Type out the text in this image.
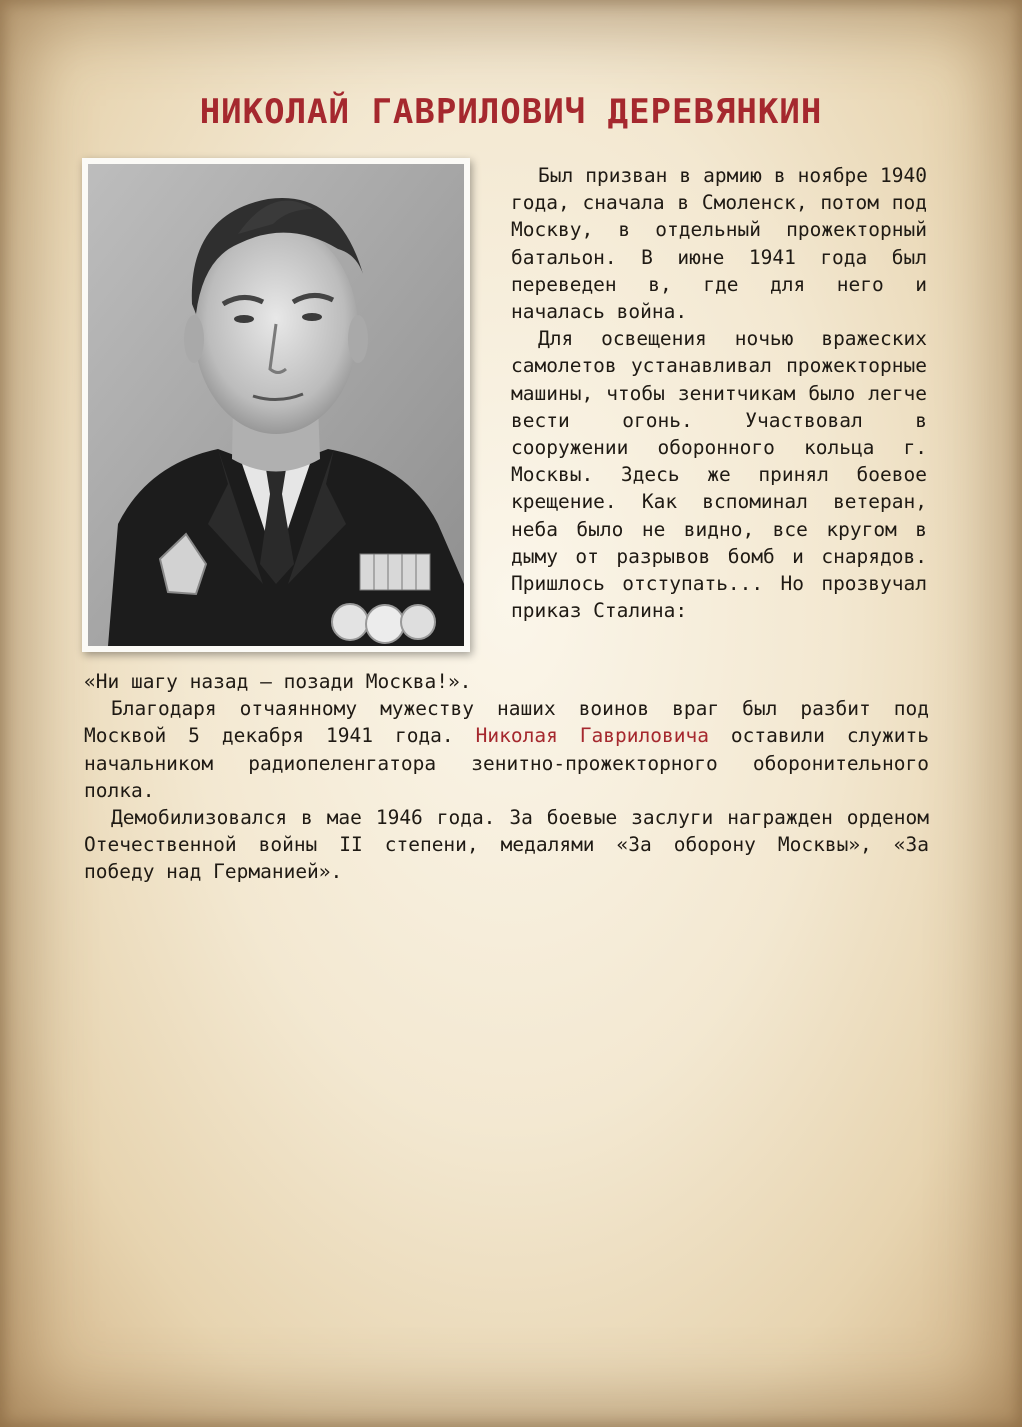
НИКОЛАЙ ГАВРИЛОВИЧ ДЕРЕВЯНКИН

Был призван в армию в ноябре 1940 года, сначала в Смоленск, потом под Москву, в отдельный прожекторный батальон. В июне 1941 года был переведен в, где для него и началась война.

Для освещения ночью вражеских самолетов устанавливал прожекторные машины, чтобы зенитчикам было легче вести огонь. Участвовал в сооружении оборонного кольца г. Москвы. Здесь же принял боевое крещение. Как вспоминал ветеран, неба было не видно, все кругом в дыму от разрывов бомб и снарядов. Пришлось отступать... Но прозвучал приказ Сталина:

«Ни шагу назад – позади Москва!».

Благодаря отчаянному мужеству наших воинов враг был разбит под Москвой 5 декабря 1941 года. Николая Гавриловича оставили служить начальником радиопеленгатора зенитно-прожекторного оборонительного полка.

Демобилизовался в мае 1946 года. За боевые заслуги награжден орденом Отечественной войны II степени, медалями «За оборону Москвы», «За победу над Германией».
